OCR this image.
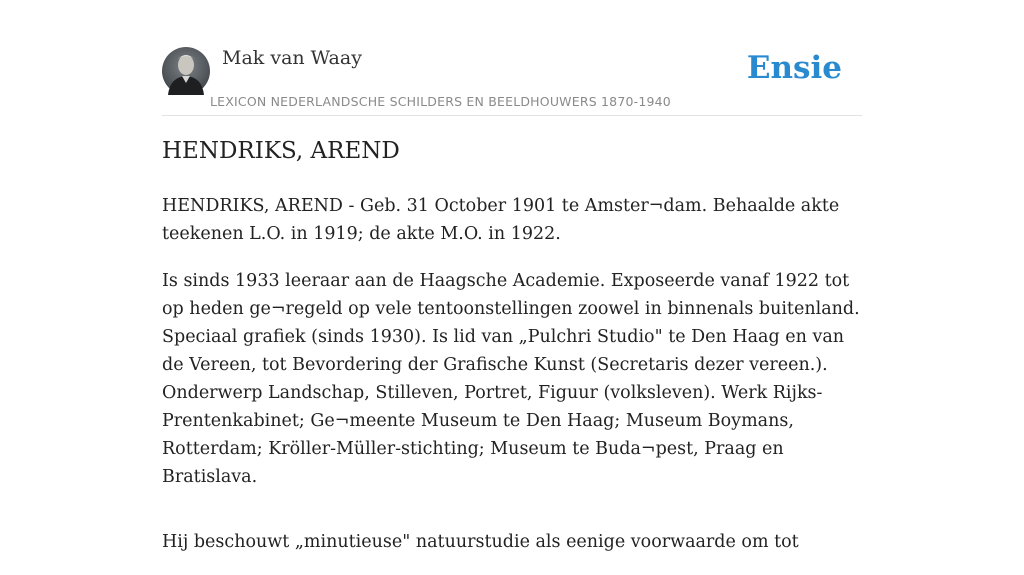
Mak van Waay
LEXICON NEDERLANDSCHE SCHILDERS EN BEELDHOUWERS 1870-1940
Ensie
HENDRIKS, AREND

HENDRIKS, AREND - Geb. 31 October 1901 te Amster¬dam. Behaalde akte teekenen L.O. in 1919; de akte M.O. in 1922.

Is sinds 1933 leeraar aan de Haagsche Academie. Exposeerde vanaf 1922 tot op heden ge¬regeld op vele tentoonstellingen zoowel in binnenals buitenland. Speciaal grafiek (sinds 1930). Is lid van „Pulchri Studio" te Den Haag en van de Vereen, tot Bevordering der Grafische Kunst (Secretaris dezer vereen.). Onderwerp Landschap, Stilleven, Portret, Figuur (volksleven). Werk Rijks-Prentenkabinet; Ge¬meente Museum te Den Haag; Museum Boymans, Rotterdam; Kröller-Müller-stichting; Museum te Buda¬pest, Praag en Bratislava.

Hij beschouwt „minutieuse" natuurstudie als eenige voorwaarde om tot
